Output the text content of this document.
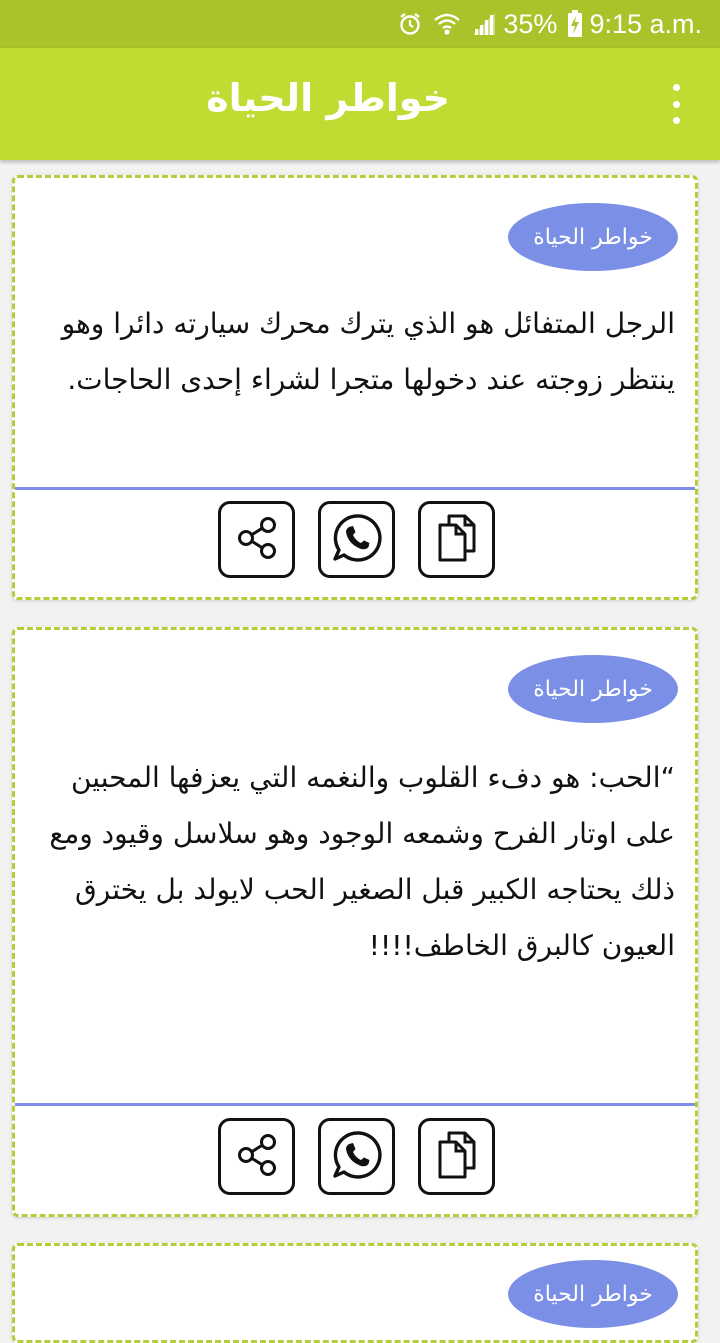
35% 9:15 a.m.
خواطر الحياة
خواطر الحياة
الرجل المتفائل هو الذي يترك محرك سيارته دائرا وهو ينتظر زوجته عند دخولها متجرا لشراء إحدى الحاجات.
خواطر الحياة
“الحب: هو دفء القلوب والنغمه التي يعزفها المحبين على اوتار الفرح وشمعه الوجود وهو سلاسل وقيود ومع ذلك يحتاجه الكبير قبل الصغير الحب لايولد بل يخترق العيون كالبرق الخاطف!!!!
خواطر الحياة
